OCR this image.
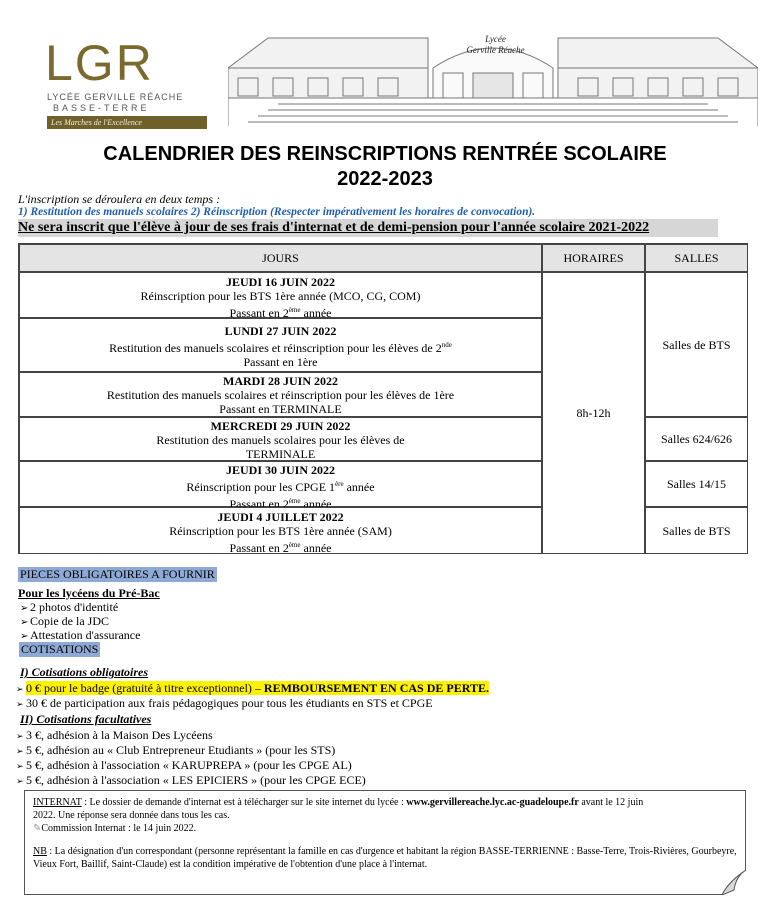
LGR
LYCÉE GERVILLE RÉACHE
BASSE-TERRE
Les Marches de l'Excellence
Lycée
Gerville Réache
CALENDRIER DES REINSCRIPTIONS RENTRÉE SCOLAIRE
2022-2023
L'inscription se déroulera en deux temps :
1) Restitution des manuels scolaires 2) Réinscription (Respecter impérativement les horaires de convocation).
Ne sera inscrit que l'élève à jour de ses frais d'internat et de demi-pension pour l'année scolaire 2021-2022
JOURS	HORAIRES	SALLES
JEUDI 16 JUIN 2022
Réinscription pour les BTS 1ère année (MCO, CG, COM)
Passant en 2ème année
LUNDI 27 JUIN 2022
Restitution des manuels scolaires et réinscription pour les élèves de 2nde
Passant en 1ère
MARDI 28 JUIN 2022
Restitution des manuels scolaires et réinscription pour les élèves de 1ère
Passant en TERMINALE
MERCREDI 29 JUIN 2022
Restitution des manuels scolaires pour les élèves de
TERMINALE
JEUDI 30 JUIN 2022
Réinscription pour les CPGE 1ère année
Passant en 2ème année
JEUDI 4 JUILLET 2022
Réinscription pour les BTS 1ère année (SAM)
Passant en 2ème année
8h-12h
Salles de BTS
Salles 624/626
Salles 14/15
Salles de BTS
PIECES OBLIGATOIRES A FOURNIR
Pour les lycéens du Pré-Bac
➢ 2 photos d'identité
➢ Copie de la JDC
➢ Attestation d'assurance
COTISATIONS
I) Cotisations obligatoires
➢ 0 € pour le badge (gratuité à titre exceptionnel) – REMBOURSEMENT EN CAS DE PERTE.
➢ 30 € de participation aux frais pédagogiques pour tous les étudiants en STS et CPGE
II) Cotisations facultatives
➢ 3 €, adhésion à la Maison Des Lycéens
➢ 5 €, adhésion au « Club Entrepreneur Etudiants » (pour les STS)
➢ 5 €, adhésion à l'association « KARUPREPA » (pour les CPGE AL)
➢ 5 €, adhésion à l'association « LES EPICIERS » (pour les CPGE ECE)

INTERNAT : Le dossier de demande d'internat est à télécharger sur le site internet du lycée : www.gervillereache.lyc.ac-guadeloupe.fr avant le 12 juin

2022. Une réponse sera donnée dans tous les cas.

✎Commission Internat : le 14 juin 2022.

NB : La désignation d'un correspondant (personne représentant la famille en cas d'urgence et habitant la région BASSE-TERRIENNE : Basse-Terre, Trois-Rivières, Gourbeyre, Vieux Fort, Baillif, Saint-Claude) est la condition impérative de l'obtention d'une place à l'internat.
